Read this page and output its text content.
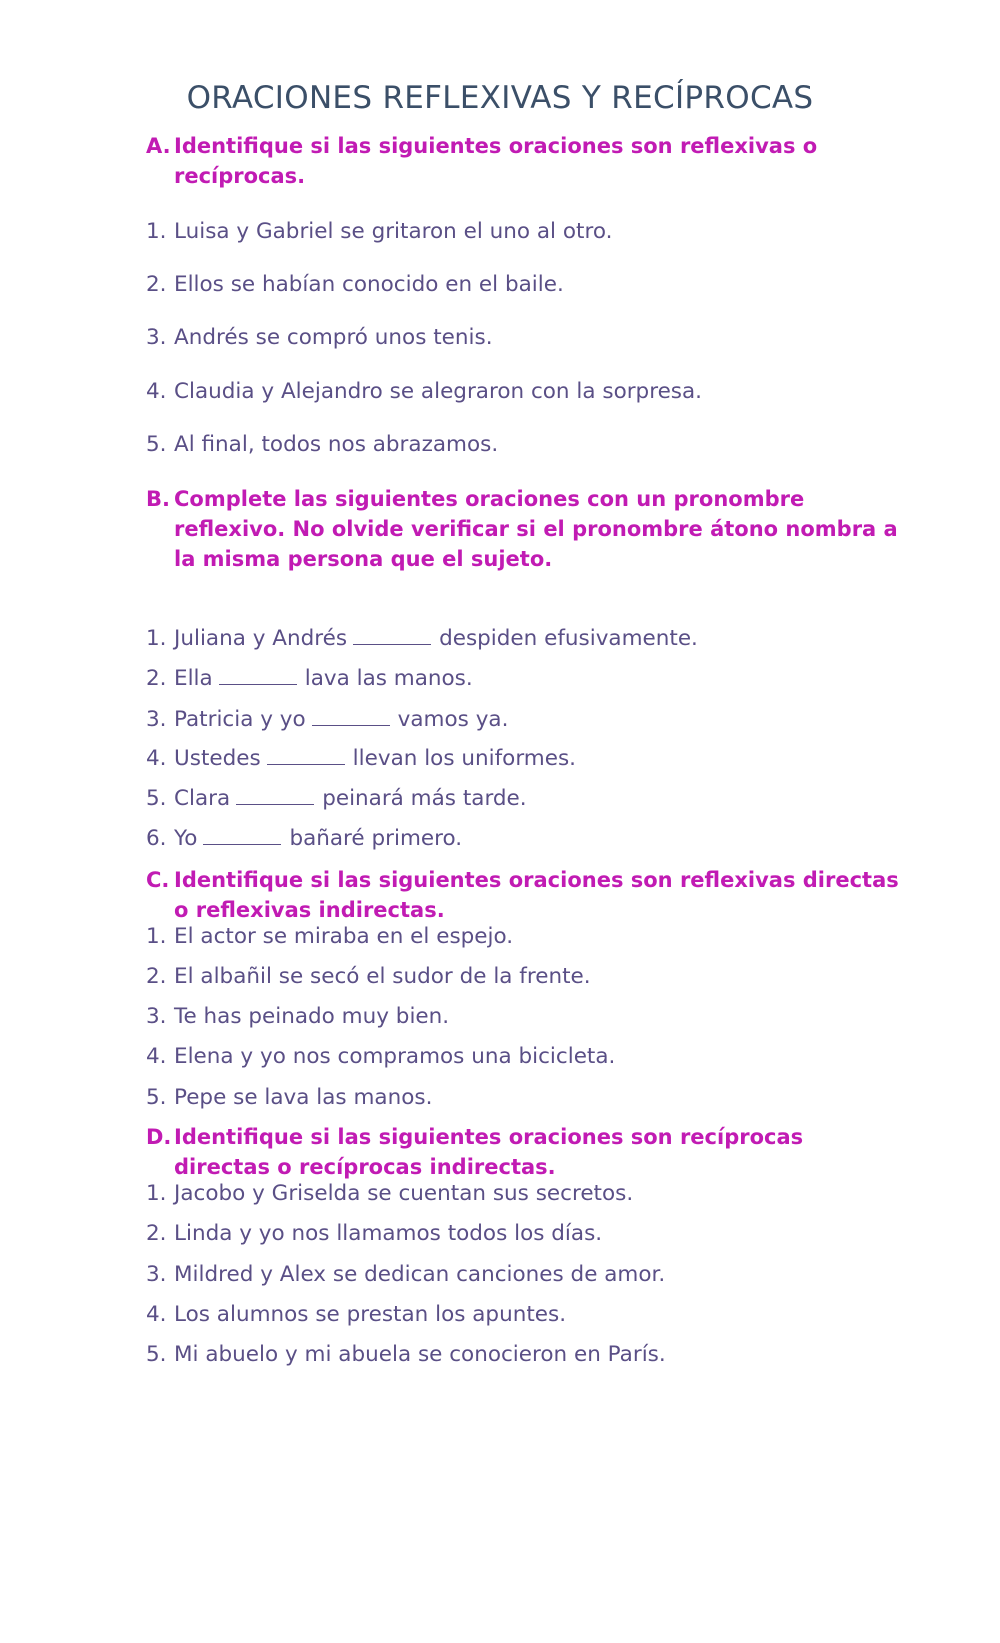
ORACIONES REFLEXIVAS Y RECÍPROCAS
A. Identifique si las siguientes oraciones son reflexivas o recíprocas.
1. Luisa y Gabriel se gritaron el uno al otro.
2. Ellos se habían conocido en el baile.
3. Andrés se compró unos tenis.
4. Claudia y Alejandro se alegraron con la sorpresa.
5. Al final, todos nos abrazamos.
B. Complete las siguientes oraciones con un pronombre reflexivo. No olvide verificar si el pronombre átono nombra a la misma persona que el sujeto.
1. Juliana y Andrés	despiden efusivamente.
2. Ella	lava las manos.
3. Patricia y yo	vamos ya.
4. Ustedes	llevan los uniformes.
5. Clara	peinará más tarde.
6. Yo	bañaré primero.
C. Identifique si las siguientes oraciones son reflexivas directas o reflexivas indirectas.
1. El actor se miraba en el espejo.
2. El albañil se secó el sudor de la frente.
3. Te has peinado muy bien.
4. Elena y yo nos compramos una bicicleta.
5. Pepe se lava las manos.
D. Identifique si las siguientes oraciones son recíprocas directas o recíprocas indirectas.
1. Jacobo y Griselda se cuentan sus secretos.
2. Linda y yo nos llamamos todos los días.
3. Mildred y Alex se dedican canciones de amor.
4. Los alumnos se prestan los apuntes.
5. Mi abuelo y mi abuela se conocieron en París.
